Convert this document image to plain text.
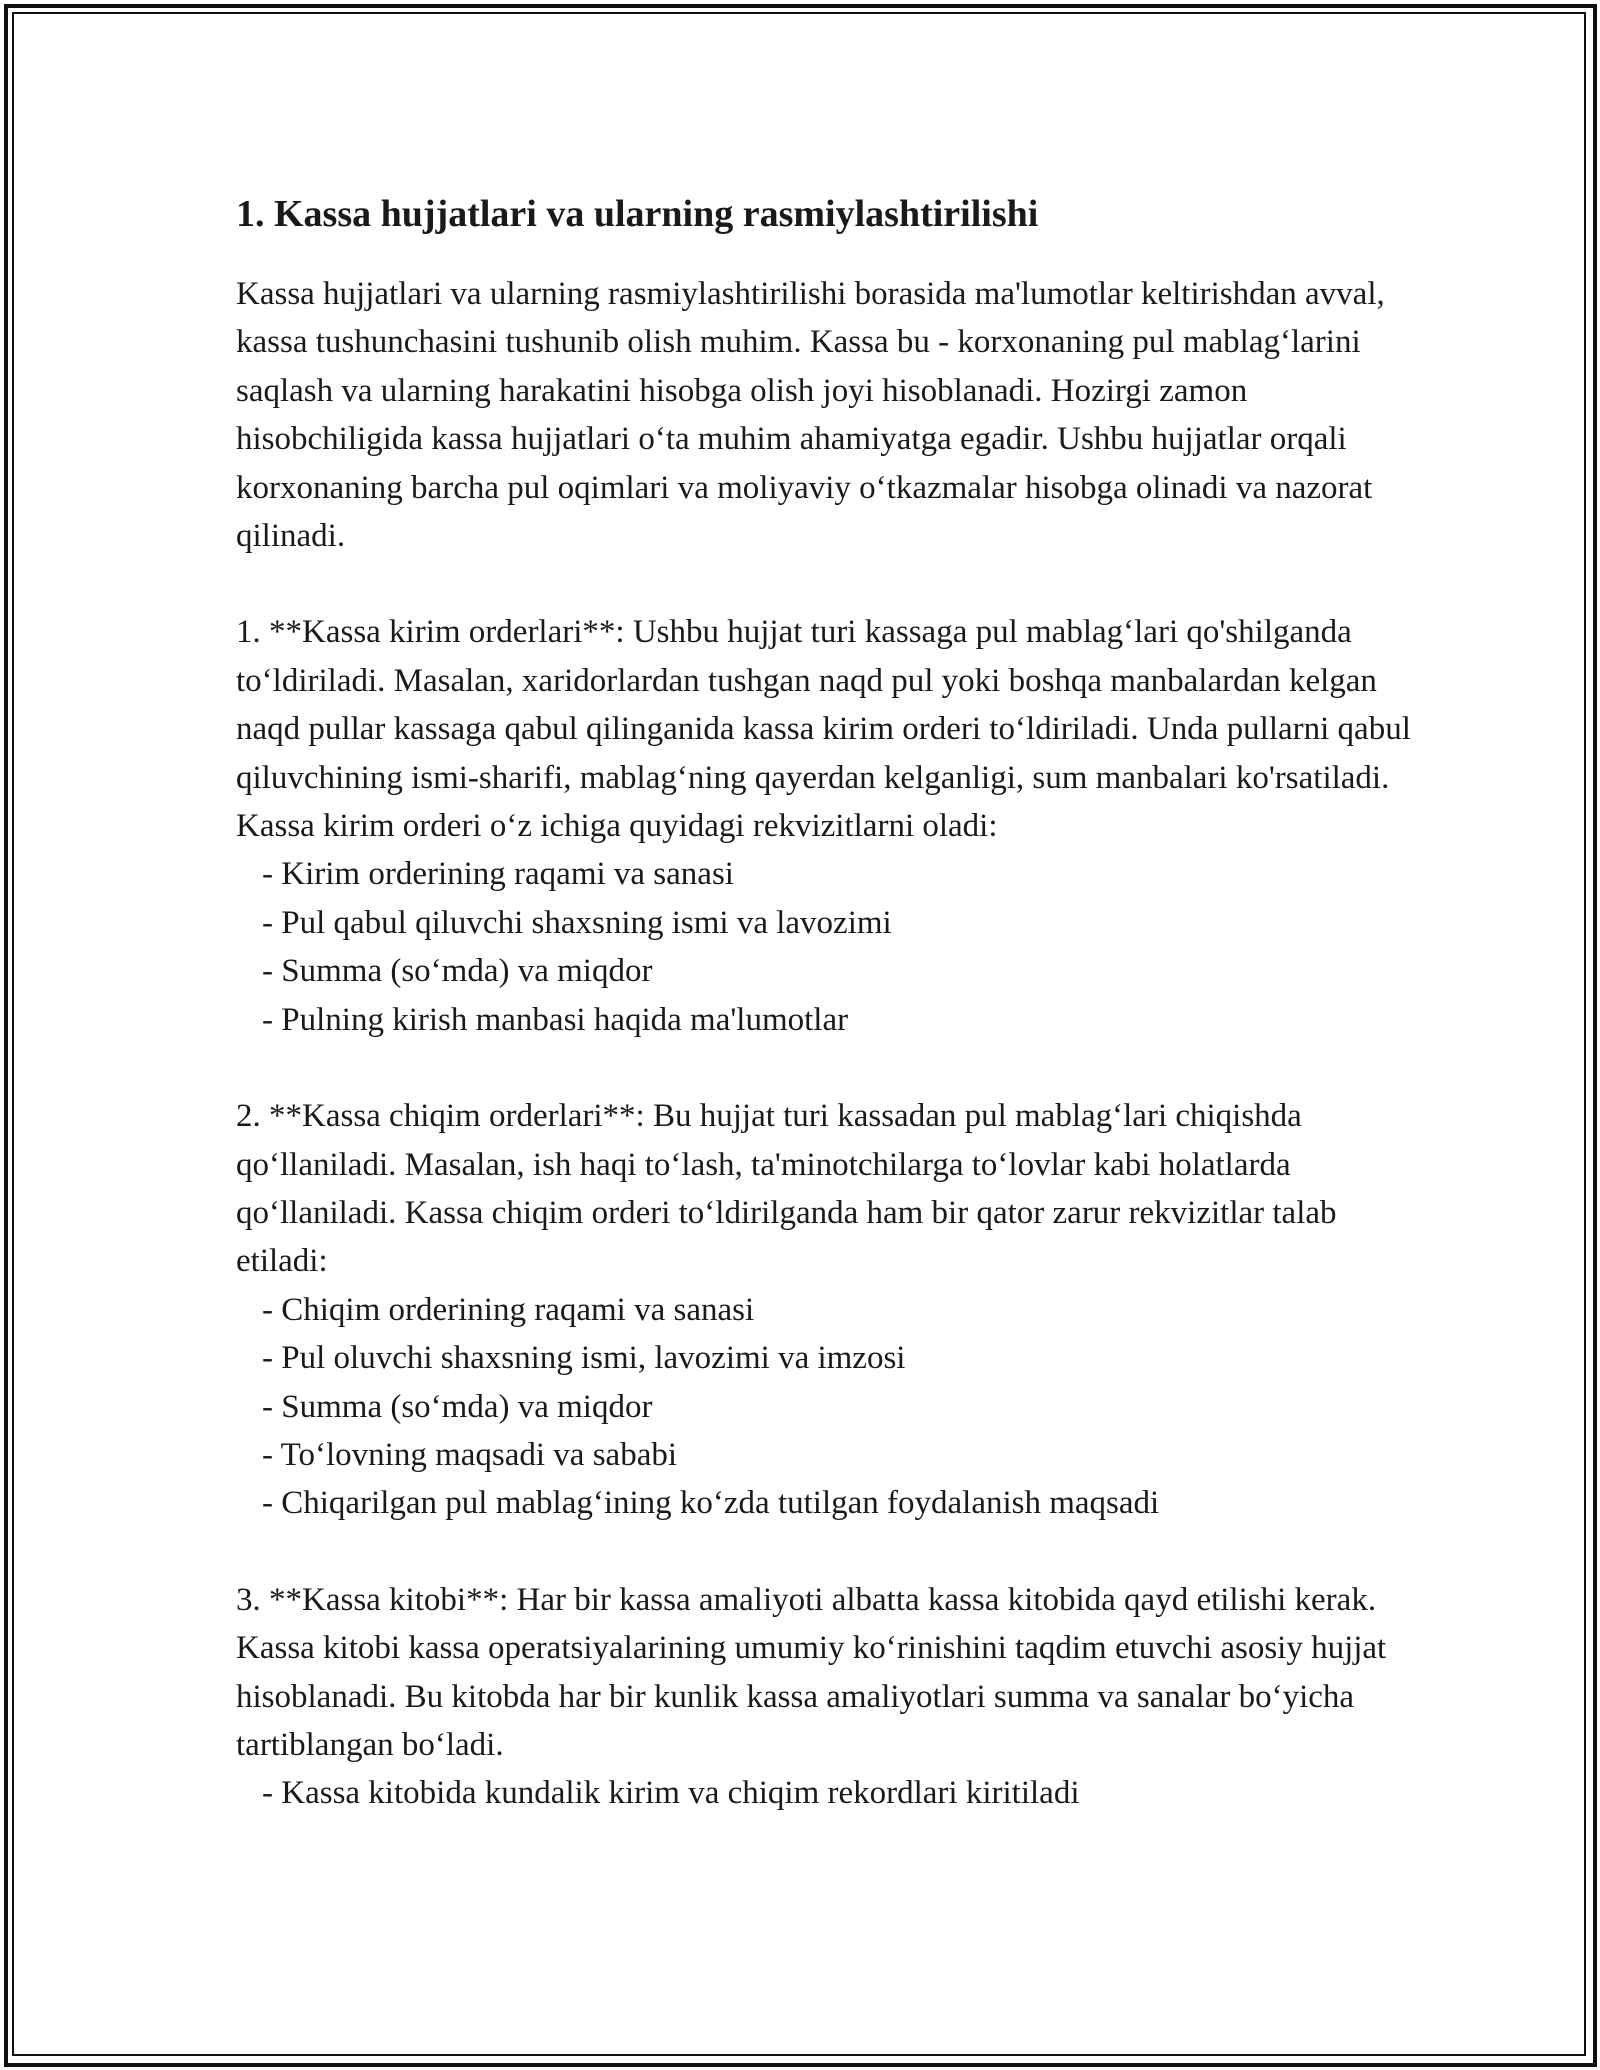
1. Kassa hujjatlari va ularning rasmiylashtirilishi

Kassa hujjatlari va ularning rasmiylashtirilishi borasida ma'lumotlar keltirishdan avval, kassa tushunchasini tushunib olish muhim. Kassa bu - korxonaning pul mablag‘larini saqlash va ularning harakatini hisobga olish joyi hisoblanadi. Hozirgi zamon hisobchiligida kassa hujjatlari o‘ta muhim ahamiyatga egadir. Ushbu hujjatlar orqali korxonaning barcha pul oqimlari va moliyaviy o‘tkazmalar hisobga olinadi va nazorat qilinadi.

1. **Kassa kirim orderlari**: Ushbu hujjat turi kassaga pul mablag‘lari qo'shilganda to‘ldiriladi. Masalan, xaridorlardan tushgan naqd pul yoki boshqa manbalardan kelgan naqd pullar kassaga qabul qilinganida kassa kirim orderi to‘ldiriladi. Unda pullarni qabul qiluvchining ismi-sharifi, mablag‘ning qayerdan kelganligi, sum manbalari ko'rsatiladi. Kassa kirim orderi o‘z ichiga quyidagi rekvizitlarni oladi:

- Kirim orderining raqami va sanasi
- Pul qabul qiluvchi shaxsning ismi va lavozimi
- Summa (so‘mda) va miqdor
- Pulning kirish manbasi haqida ma'lumotlar

2. **Kassa chiqim orderlari**: Bu hujjat turi kassadan pul mablag‘lari chiqishda qo‘llaniladi. Masalan, ish haqi to‘lash, ta'minotchilarga to‘lovlar kabi holatlarda qo‘llaniladi. Kassa chiqim orderi to‘ldirilganda ham bir qator zarur rekvizitlar talab etiladi:

- Chiqim orderining raqami va sanasi
- Pul oluvchi shaxsning ismi, lavozimi va imzosi
- Summa (so‘mda) va miqdor
- To‘lovning maqsadi va sababi
- Chiqarilgan pul mablag‘ining ko‘zda tutilgan foydalanish maqsadi

3. **Kassa kitobi**: Har bir kassa amaliyoti albatta kassa kitobida qayd etilishi kerak. Kassa kitobi kassa operatsiyalarining umumiy ko‘rinishini taqdim etuvchi asosiy hujjat hisoblanadi. Bu kitobda har bir kunlik kassa amaliyotlari summa va sanalar bo‘yicha tartiblangan bo‘ladi.

- Kassa kitobida kundalik kirim va chiqim rekordlari kiritiladi
